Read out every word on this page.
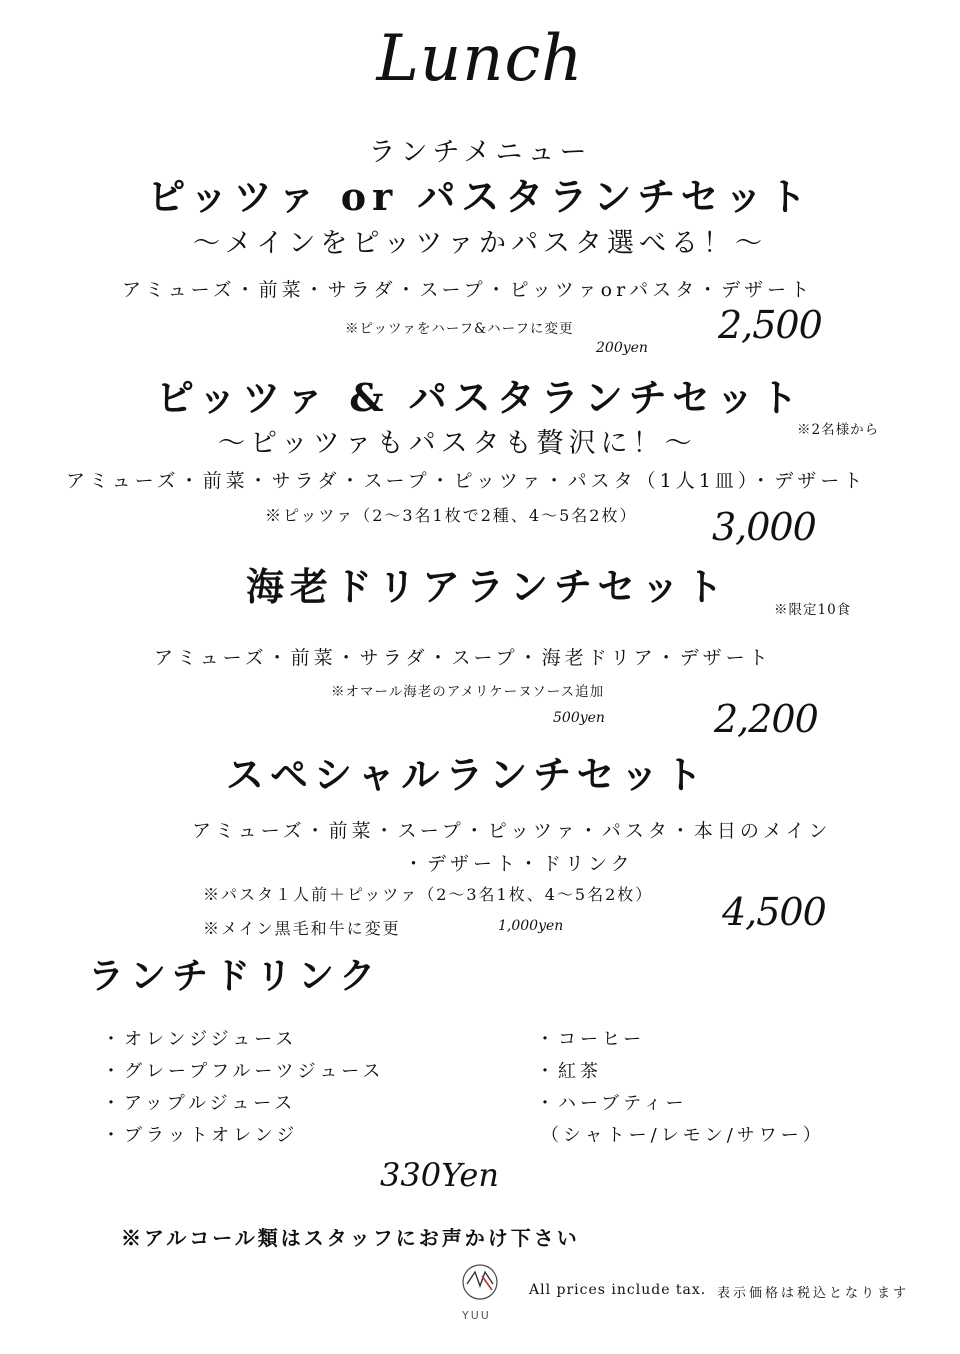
Lunch
ランチメニュー
ピッツァ or パスタランチセット
～メインをピッツァかパスタ選べる！～
アミューズ・前菜・サラダ・スープ・ピッツァorパスタ・デザート
※ピッツァをハーフ&ハーフに変更
200yen
2,500
ピッツァ & パスタランチセット
～ピッツァもパスタも贅沢に！～	※2名様から
アミューズ・前菜・サラダ・スープ・ピッツァ・パスタ（1人1皿）・デザート
※ピッツァ（2～3名1枚で2種、4～5名2枚） 3,000
海老ドリアランチセット
※限定10食
アミューズ・前菜・サラダ・スープ・海老ドリア・デザート
※オマール海老のアメリケーヌソース追加
500yen	2,200
スペシャルランチセット
アミューズ・前菜・スープ・ピッツァ・パスタ・本日のメイン
・デザート・ドリンク
※パスタ１人前＋ピッツァ（2～3名1枚、4～5名2枚）
※メイン黒毛和牛に変更	1,000yen	4,500
ランチドリンク
・オレンジジュース
・グレープフルーツジュース
・アップルジュース
・ブラットオレンジ
・コーヒー
・紅茶
・ハーブティー
（シャトー/レモン/サワー）
330Yen
※アルコール類はスタッフにお声かけ下さい
YUU
All prices include tax. 表示価格は税込となります
